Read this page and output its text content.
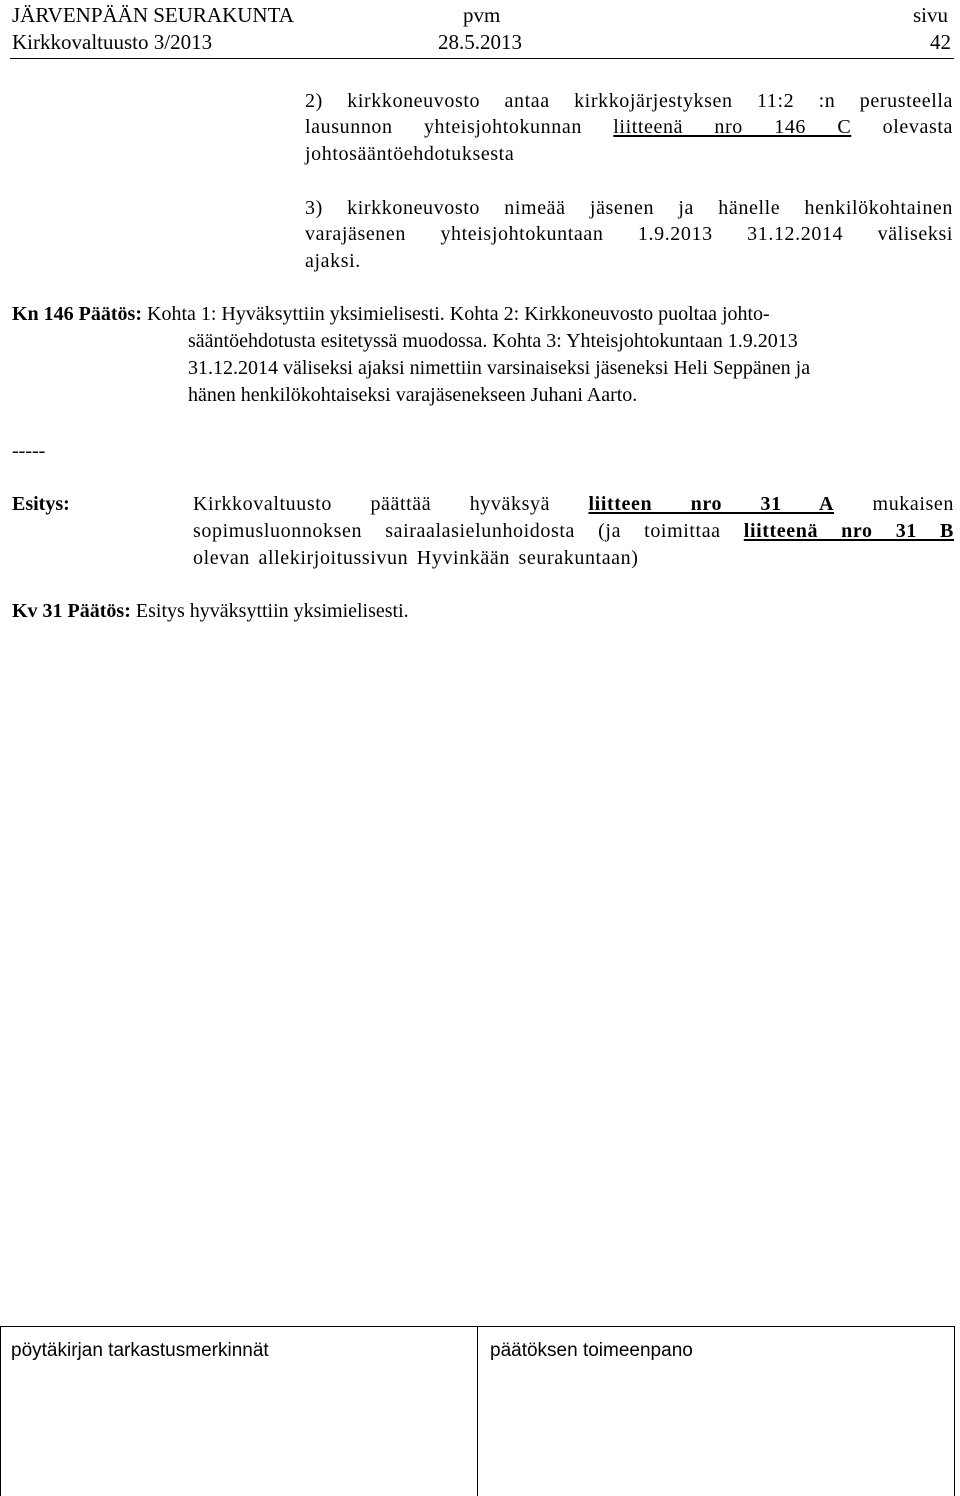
JÄRVENPÄÄN SEURAKUNTA	pvm	sivu
Kirkkovaltuusto 3/2013	28.5.2013	42
2) kirkkoneuvosto antaa kirkkojärjestyksen 11:2 :n perusteella
lausunnon yhteisjohtokunnan liitteenä nro 146 C olevasta
johtosääntöehdotuksesta
3) kirkkoneuvosto nimeää jäsenen ja hänelle henkilökohtainen
varajäsenen yhteisjohtokuntaan 1.9.2013 31.12.2014 väliseksi
ajaksi.
Kn 146 Päätös: Kohta 1: Hyväksyttiin yksimielisesti. Kohta 2: Kirkkoneuvosto puoltaa johto-
sääntöehdotusta esitetyssä muodossa. Kohta 3: Yhteisjohtokuntaan 1.9.2013
31.12.2014 väliseksi ajaksi nimettiin varsinaiseksi jäseneksi Heli Seppänen ja
hänen henkilökohtaiseksi varajäsenekseen Juhani Aarto.
-----
Esitys:	Kirkkovaltuusto päättää hyväksyä liitteen nro 31 A mukaisen
sopimusluonnoksen sairaalasielunhoidosta (ja toimittaa liitteenä nro 31 B
olevan allekirjoitussivun Hyvinkään seurakuntaan)
Kv 31 Päätös: Esitys hyväksyttiin yksimielisesti.
pöytäkirjan tarkastusmerkinnät	päätöksen toimeenpano
